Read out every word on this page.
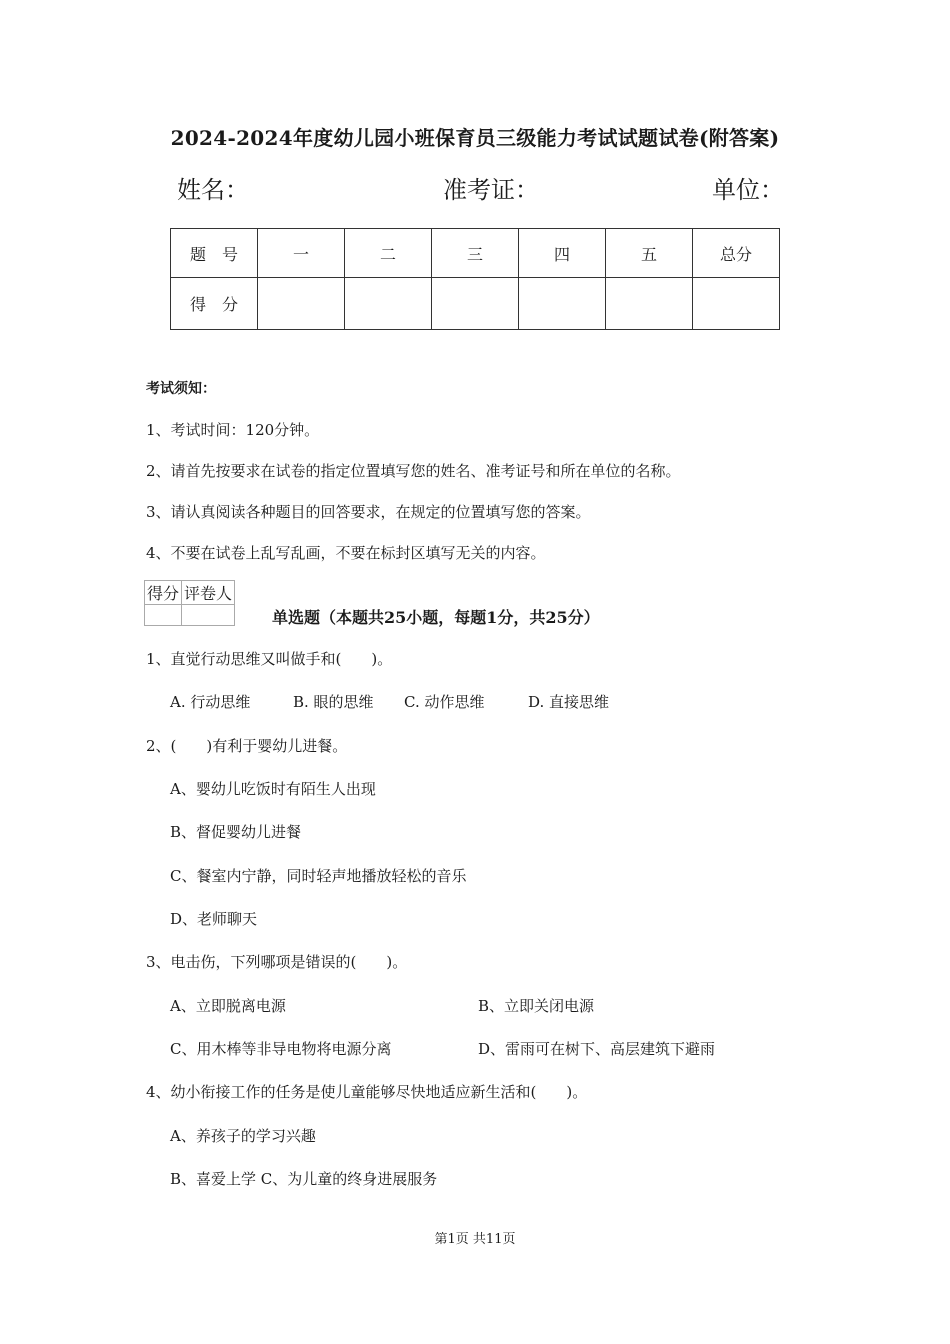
2024-2024年度幼儿园小班保育员三级能力考试试题试卷(附答案)
姓名：	准考证：	单位：
题　号	一	二	三	四	五	总分
得　分						
考试须知：
1、考试时间：120分钟。
2、请首先按要求在试卷的指定位置填写您的姓名、准考证号和所在单位的名称。
3、请认真阅读各种题目的回答要求，在规定的位置填写您的答案。
4、不要在试卷上乱写乱画，不要在标封区填写无关的内容。
得分	评卷人

单选题（本题共25小题，每题1分，共25分）
1、直觉行动思维又叫做手和(　　)。
A. 行动思维	B. 眼的思维 C. 动作思维	D. 直接思维
2、(　　)有利于婴幼儿进餐。
A、婴幼儿吃饭时有陌生人出现
B、督促婴幼儿进餐
C、餐室内宁静，同时轻声地播放轻松的音乐
D、老师聊天
3、电击伤，下列哪项是错误的(　　)。
A、立即脱离电源	B、立即关闭电源
C、用木棒等非导电物将电源分离	D、雷雨可在树下、高层建筑下避雨
4、幼小衔接工作的任务是使儿童能够尽快地适应新生活和(　　)。
A、养孩子的学习兴趣
B、喜爱上学 C、为儿童的终身进展服务
第1页 共11页
